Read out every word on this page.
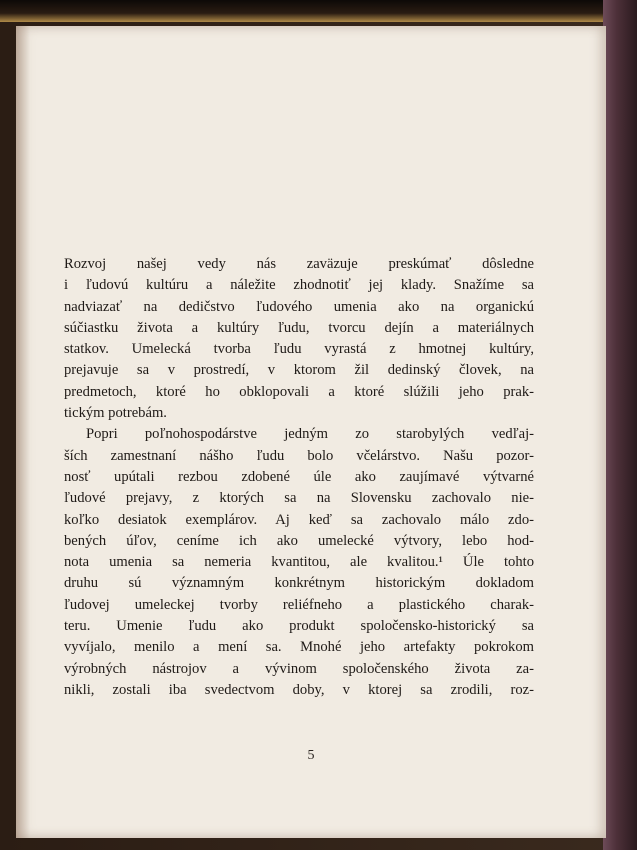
Rozvoj našej vedy nás zaväzuje preskúmať dôsledne
i ľudovú kultúru a náležite zhodnotiť jej klady. Snažíme sa
nadviazať na dedičstvo ľudového umenia ako na organickú
súčiastku života a kultúry ľudu, tvorcu dejín a materiálnych
statkov. Umelecká tvorba ľudu vyrastá z hmotnej kultúry,
prejavuje sa v prostredí, v ktorom žil dedinský človek, na
predmetoch, ktoré ho obklopovali a ktoré slúžili jeho prak-
tickým potrebám.
Popri poľnohospodárstve jedným zo starobylých vedľaj-
ších zamestnaní nášho ľudu bolo včelárstvo. Našu pozor-
nosť upútali rezbou zdobené úle ako zaujímavé výtvarné
ľudové prejavy, z ktorých sa na Slovensku zachovalo nie-
koľko desiatok exemplárov. Aj keď sa zachovalo málo zdo-
bených úľov, ceníme ich ako umelecké výtvory, lebo hod-
nota umenia sa nemeria kvantitou, ale kvalitou.¹ Úle tohto
druhu sú významným konkrétnym historickým dokladom
ľudovej umeleckej tvorby reliéfneho a plastického charak-
teru. Umenie ľudu ako produkt spoločensko-historický sa
vyvíjalo, menilo a mení sa. Mnohé jeho artefakty pokrokom
výrobných nástrojov a vývinom spoločenského života za-
nikli, zostali iba svedectvom doby, v ktorej sa zrodili, roz-
5
